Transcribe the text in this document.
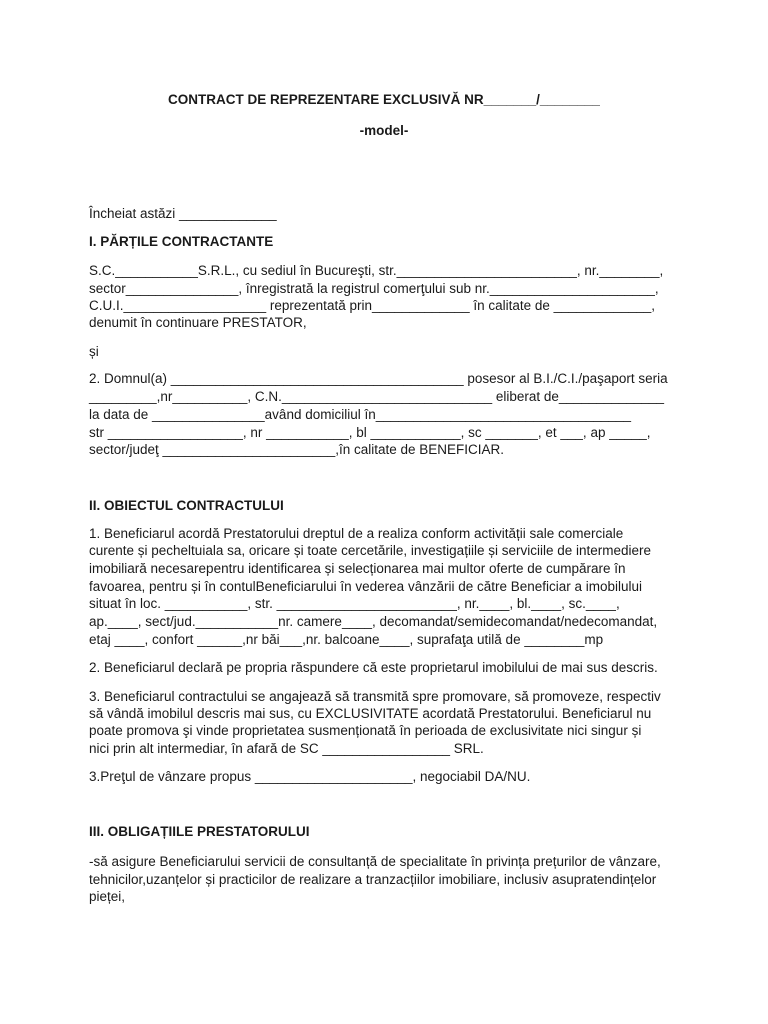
CONTRACT DE REPREZENTARE EXCLUSIVĂ NR_______/________
-model-
Încheiat astăzi _____________
I. PĂRȚILE CONTRACTANTE
S.C.___________S.R.L., cu sediul în Bucureşti, str.________________________, nr.________,
sector_______________, înregistrată la registrul comerţului sub nr.______________________,
C.U.I.___________________ reprezentată prin_____________ în calitate de _____________,
denumit în continuare PRESTATOR,
și
2. Domnul(a) _______________________________________ posesor al B.I./C.I./paşaport seria
_________,nr__________, C.N.____________________________ eliberat de______________
la data de _______________având domiciliul în__________________________________
str __________________, nr ___________, bl ____________, sc _______, et ___, ap _____,
sector/judeţ _______________________,în calitate de BENEFICIAR.
II. OBIECTUL CONTRACTULUI
1. Beneficiarul acordă Prestatorului dreptul de a realiza conform activității sale comerciale
curente și pecheltuiala sa, oricare și toate cercetările, investigațiile și serviciile de intermediere
imobiliară necesarepentru identificarea și selecționarea mai multor oferte de cumpărare în
favoarea, pentru și în contulBeneficiarului în vederea vânzării de către Beneficiar a imobilului
situat în loc. ___________, str. ________________________, nr.____, bl.____, sc.____,
ap.____, sect/jud.___________nr. camere____, decomandat/semidecomandat/nedecomandat,
etaj ____, confort ______,nr băi___,nr. balcoane____, suprafaţa utilă de ________mp
2. Beneficiarul declară pe propria răspundere că este proprietarul imobilului de mai sus descris.
3. Beneficiarul contractului se angajează să transmită spre promovare, să promoveze, respectiv
să vândă imobilul descris mai sus, cu EXCLUSIVITATE acordată Prestatorului. Beneficiarul nu
poate promova şi vinde proprietatea susmenționată în perioada de exclusivitate nici singur și
nici prin alt intermediar, în afară de SC _________________ SRL.
3.Preţul de vânzare propus _____________________, negociabil DA/NU.
III. OBLIGAȚIILE PRESTATORULUI
-să asigure Beneficiarului servicii de consultanță de specialitate în privința prețurilor de vânzare,
tehnicilor,uzanțelor și practicilor de realizare a tranzacțiilor imobiliare, inclusiv asupratendințelor
pieței,
